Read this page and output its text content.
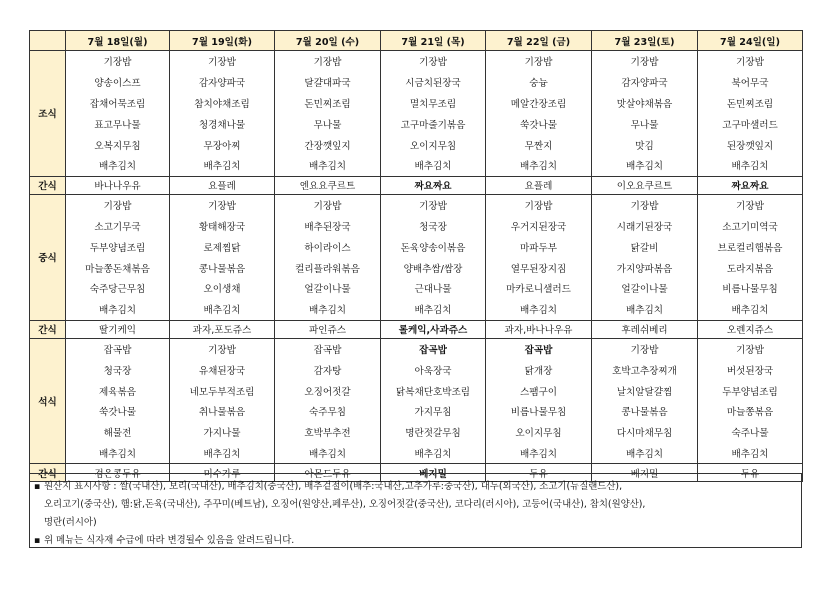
	7월 18일(월)	7월 19일(화)	7월 20일 (수)	7월 21일 (목)	7월 22일 (금)	7월 23일(토)	7월 24일(일)
조식	기장밥	기장밥	기장밥	기장밥	기장밥	기장밥	기장밥
	양송이스프	감자양파국	달걀대파국	시금치된장국	숭늉	감자양파국	북어무국
	잡채어묵조림	참치야채조림	돈민찌조림	멸치무조림	메알간장조림	맛살야채볶음	돈민찌조림
	표고무나물	청경채나물	무나물	고구마줄기볶음	쑥갓나물	무나물	고구마샐러드
	오복지무침	무장아찌	간장깻잎지	오이지무침	무짠지	맛김	된장깻잎지
	배추김치	배추김치	배추김치	배추김치	배추김치	배추김치	배추김치
간식	바나나우유	요플레	엔요요쿠르트	짜요짜요	요플레	이오요쿠르트	짜요짜요
중식	기장밥	기장밥	기장밥	기장밥	기장밥	기장밥	기장밥
	소고기무국	황태해장국	배추된장국	청국장	우거지된장국	시래기된장국	소고기미역국
	두부양념조림	로제찜닭	하이라이스	돈육양송이볶음	마파두부	닭갈비	브로컬리햄볶음
	마늘쫑돈채볶음	콩나물볶음	컬리플라워볶음	양배추쌈/쌈장	열무된장지짐	가지양파볶음	도라지볶음
	숙주당근무침	오이생채	얼갈이나물	근대나물	마카로니샐러드	얼갈이나물	비름나물무침
	배추김치	배추김치	배추김치	배추김치	배추김치	배추김치	배추김치
간식	딸기케익	과자,포도쥬스	파인쥬스	롤케익,사과쥬스	과자,바나나우유	후레쉬베리	오렌지쥬스
석식	잡곡밥	기장밥	잡곡밥	잡곡밥	잡곡밥	기장밥	기장밥
	청국장	유채된장국	감자탕	아욱장국	닭개장	호박고추장찌개	버섯된장국
	제육볶음	네모두부적조림	오징어젓갈	닭복채단호박조림	스팸구이	날치알달걀찜	두부양념조림
	쑥갓나물	취나물볶음	숙주무침	가지무침	비름나물무침	콩나물볶음	마늘쫑볶음
	해물전	가지나물	호박부추전	명란젓갈무침	오이지무침	다시마채무침	숙주나물
	배추김치	배추김치	배추김치	배추김치	배추김치	배추김치	배추김치
간식	검은콩두유	미수가루	아몬드두유	베지밀	두유	베지밀	두유
▪ 원산지 표시사항 : 쌀(국내산), 보리(국내산), 배추김치(중국산), 배추겉절이(배추:국내산,고추가루:중국산), 대두(외국산), 소고기(뉴질랜드산),
오리고기(중국산), 햄:닭,돈육(국내산), 주꾸미(베트남), 오징어(원양산,페루산), 오징어젓갈(중국산), 코다리(러시아), 고등어(국내산), 참치(원양산),
명란(러시아)
▪ 위 메뉴는 식자재 수급에 따라 변경될수 있음을 알려드립니다.
